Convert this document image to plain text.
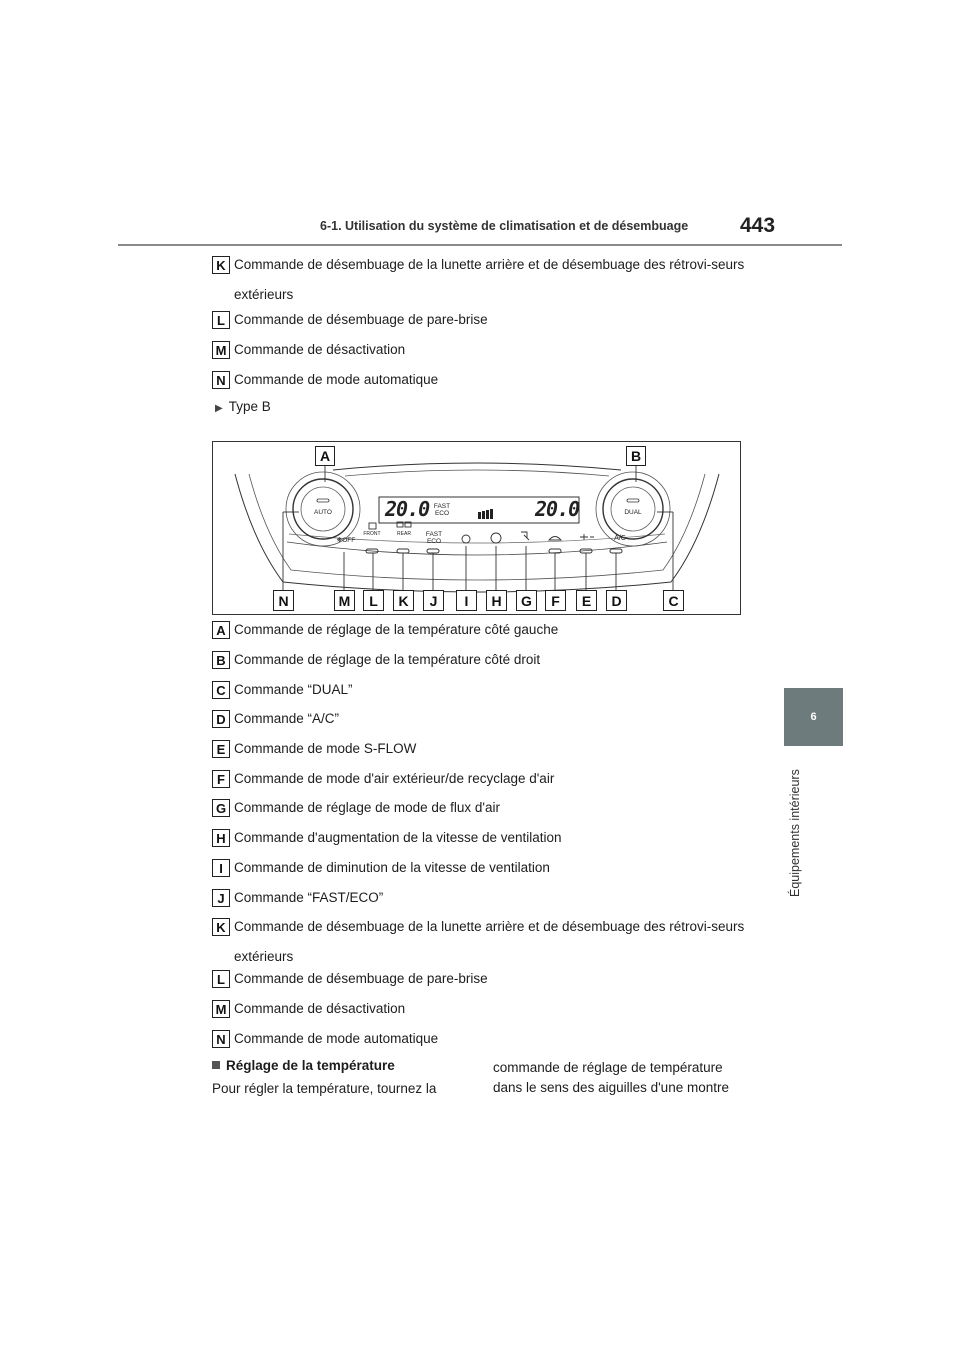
6-1. Utilisation du système de climatisation et de désembuage 443
6
Équipements intérieurs
K Commande de désembuage de la lunette arrière et de désembuage des rétrovi-seurs extérieurs
L Commande de désembuage de pare-brise
M Commande de désactivation
N Commande de mode automatique
▶ Type B
20.0	20.0
FAST
ECO
AUTO	DUAL
❋OFF
FRONT	REAR	FAST
ECO	A/C
A	B
N	M	L	K	J	I	H	G	F	E	D	C
A Commande de réglage de la température côté gauche
B Commande de réglage de la température côté droit
C Commande “DUAL”
D Commande “A/C”
E Commande de mode S-FLOW
F Commande de mode d'air extérieur/de recyclage d'air
G Commande de réglage de mode de flux d'air
H Commande d'augmentation de la vitesse de ventilation
I Commande de diminution de la vitesse de ventilation
J Commande “FAST/ECO”
K Commande de désembuage de la lunette arrière et de désembuage des rétrovi-seurs extérieurs
L Commande de désembuage de pare-brise
M Commande de désactivation
N Commande de mode automatique
Réglage de la température
Pour régler la température, tournez la
commande de réglage de température dans le sens des aiguilles d'une montre
